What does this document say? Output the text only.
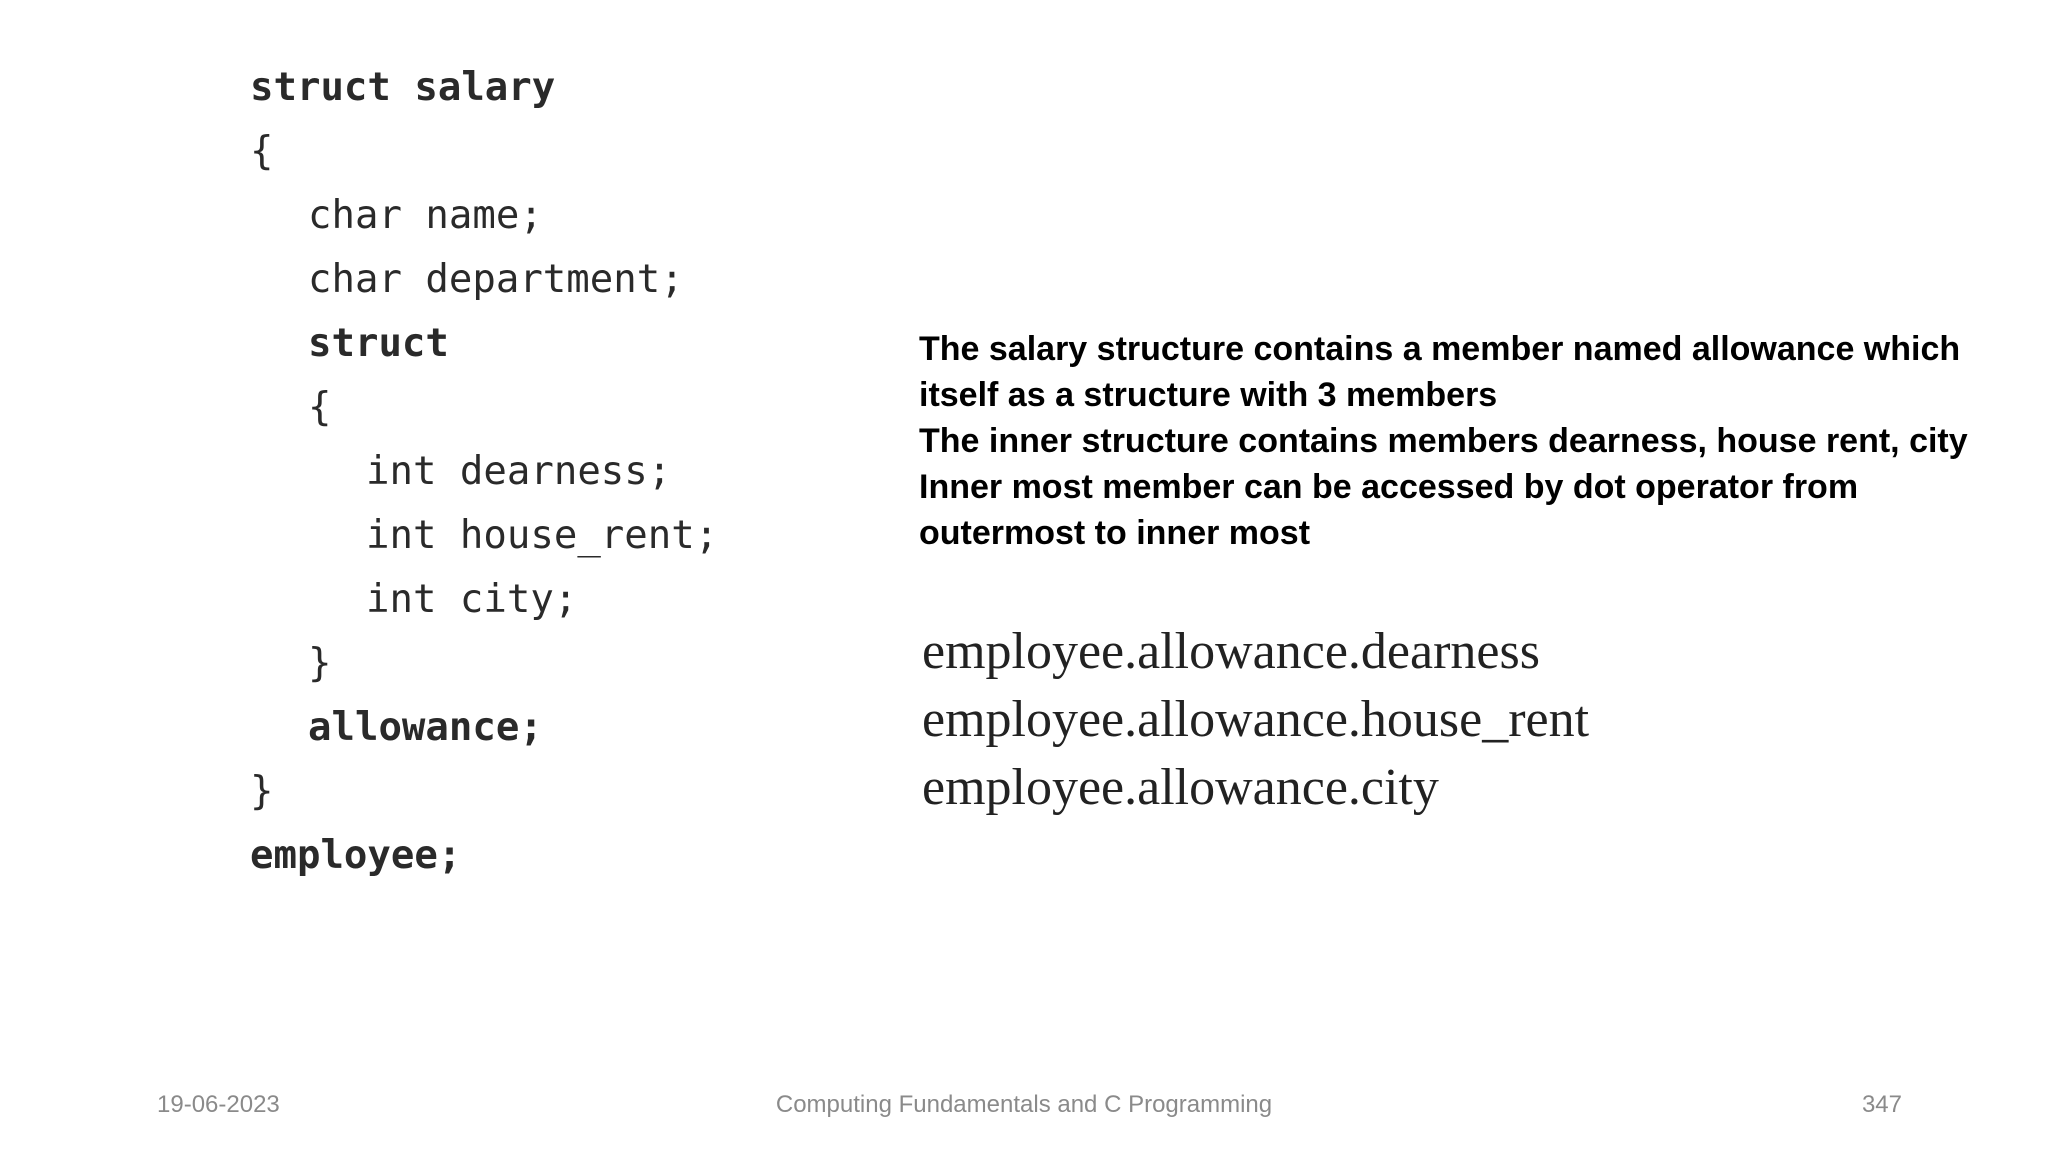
struct salary
{
char name;
char department;
struct
{
int dearness;
int house_rent;
int city;
}
allowance;
}
employee;
The salary structure contains a member named allowance which
itself as a structure with 3 members
The inner structure contains members dearness, house rent, city
Inner most member can be accessed by dot operator from
outermost to inner most
employee.allowance.dearness
employee.allowance.house_rent
employee.allowance.city
Computing Fundamentals and C Programming
19-06-2023	347
